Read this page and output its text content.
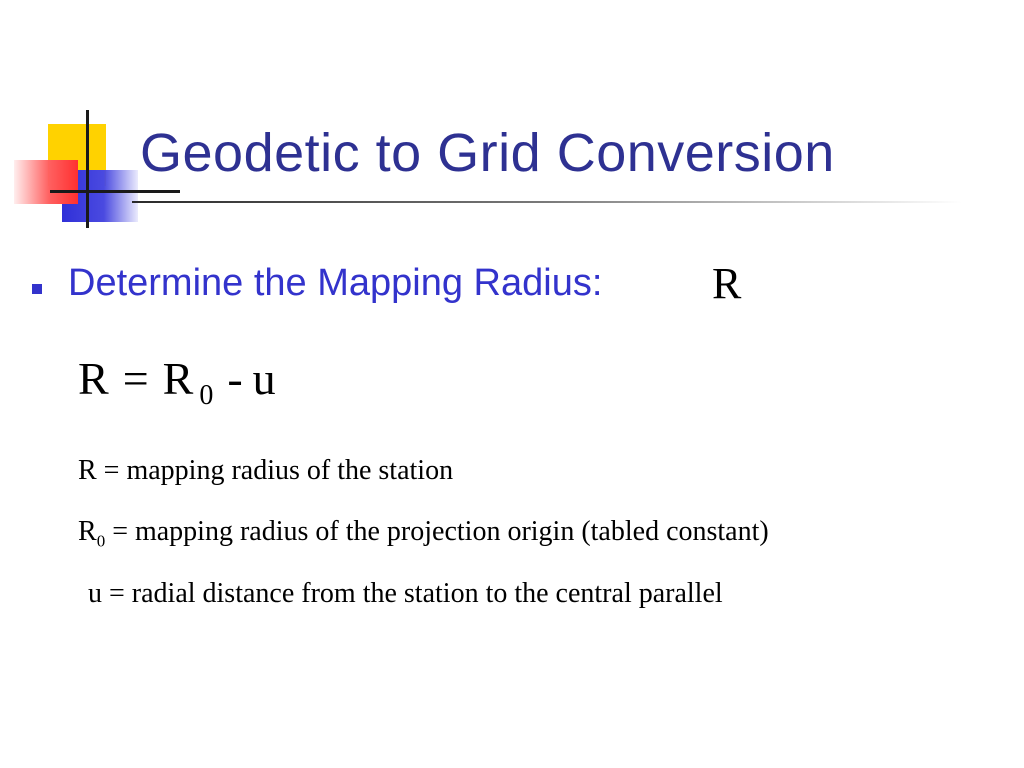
Geodetic to Grid Conversion
Determine the Mapping Radius: R
R = R $_0$ - u
R = mapping radius of the station
$R_0$ = mapping radius of the projection origin (tabled constant)
u = radial distance from the station to the central parallel
